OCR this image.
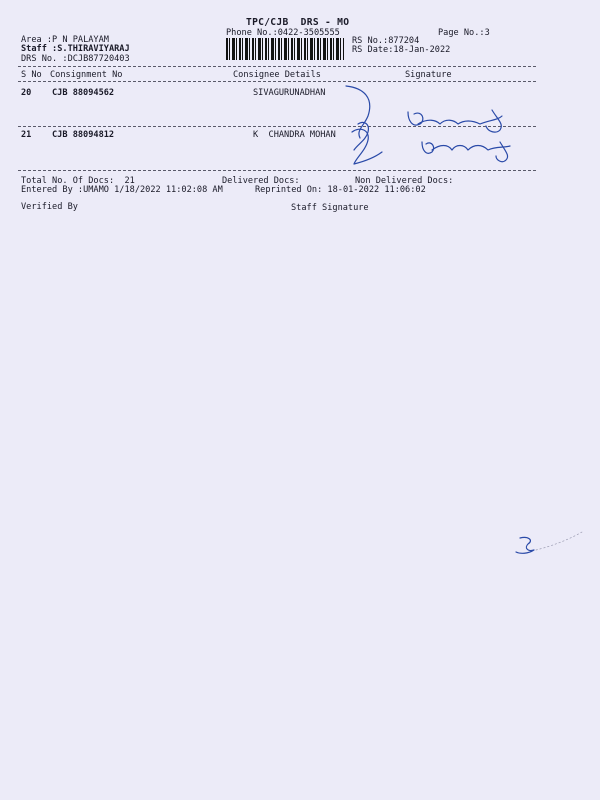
TPC/CJB  DRS - MO
Phone No.:0422-3505555	Page No.:3
Area :P N PALAYAM
Staff :S.THIRAVIYARAJ
DRS No. :DCJB87720403
RS No.:877204
RS Date:18-Jan-2022
S No Consignment No	Consignee Details	Signature
20 CJB 88094562	SIVAGURUNADHAN
21 CJB 88094812	K  CHANDRA MOHAN
Total No. Of Docs:  21	Delivered Docs:	Non Delivered Docs:
Entered By :UMAMO 1/18/2022 11:02:08 AM	Reprinted On: 18-01-2022 11:06:02
Verified By	Staff Signature
